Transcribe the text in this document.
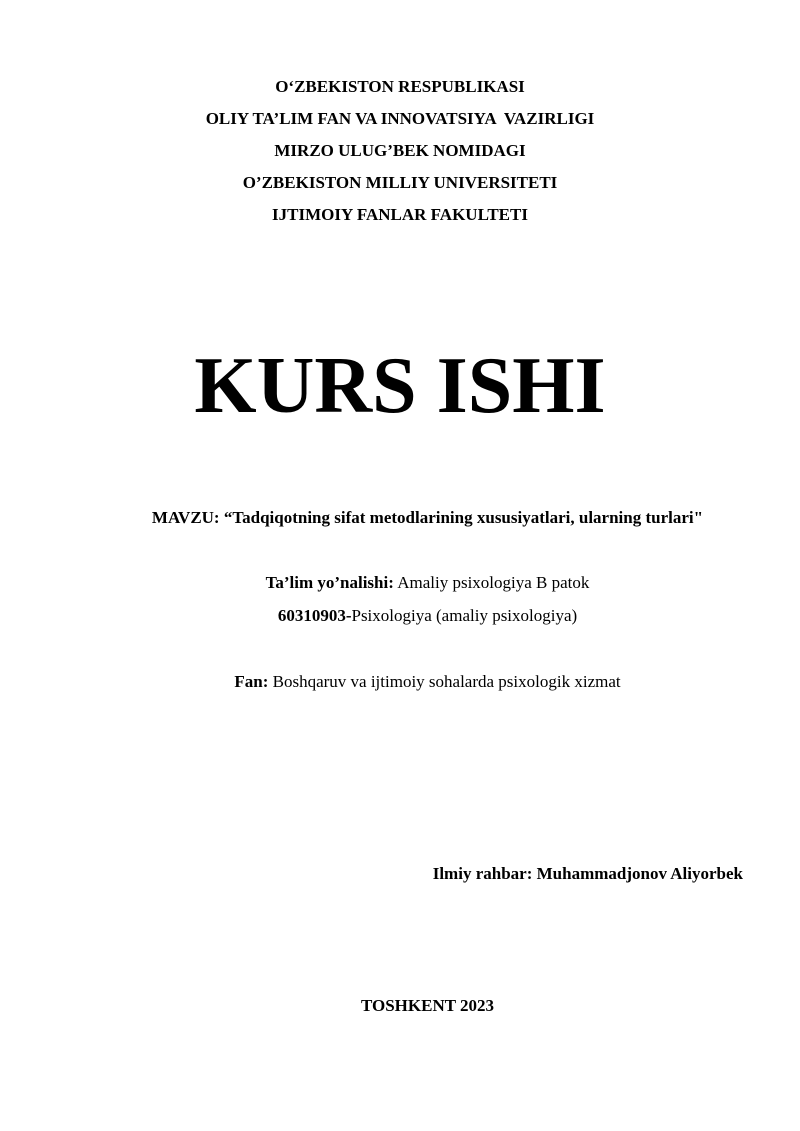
O‘ZBEKISTON RESPUBLIKASI
OLIY TA’LIM FAN VA INNOVATSIYA  VAZIRLIGI
MIRZO ULUG’BEK NOMIDAGI
O’ZBEKISTON MILLIY UNIVERSITETI
IJTIMOIY FANLAR FAKULTETI
KURS ISHI
MAVZU: “Tadqiqotning sifat metodlarining xususiyatlari, ularning turlari"
Ta’lim yo’nalishi: Amaliy psixologiya B patok
60310903-Psixologiya (amaliy psixologiya)
Fan: Boshqaruv va ijtimoiy sohalarda psixologik xizmat
Ilmiy rahbar: Muhammadjonov Aliyorbek
TOSHKENT 2023
